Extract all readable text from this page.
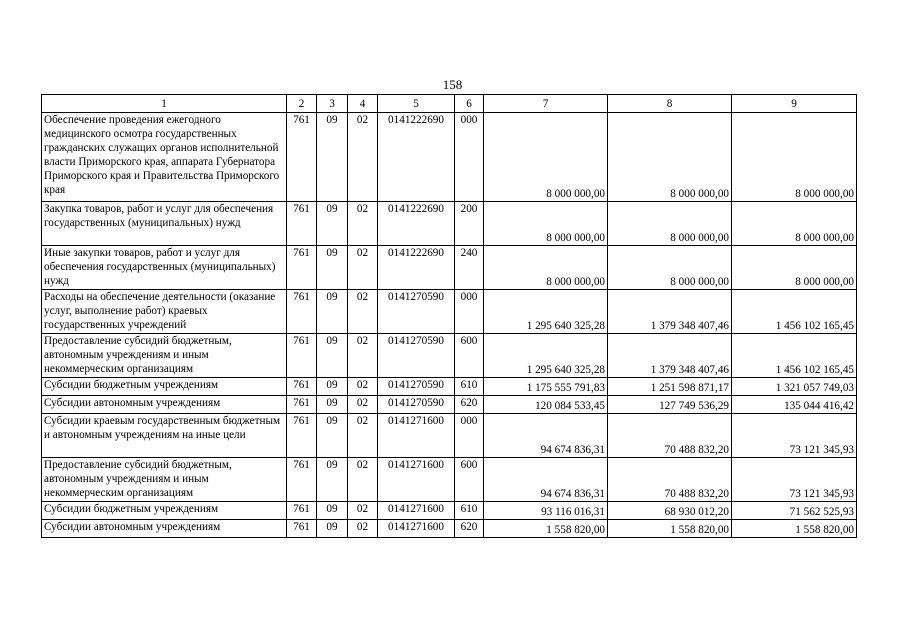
158
1	2	3	4	5	6	7	8	9
Обеспечение проведения ежегодного медицинского осмотра государственных гражданских служащих органов исполнительной власти Приморского края, аппарата Губернатора Приморского края и Правительства Приморского края	761	09	02	0141222690	000	8 000 000,00	8 000 000,00	8 000 000,00
Закупка товаров, работ и услуг для обеспечения государственных (муниципальных) нужд	761	09	02	0141222690	200	8 000 000,00	8 000 000,00	8 000 000,00
Иные закупки товаров, работ и услуг для обеспечения государственных (муниципальных) нужд	761	09	02	0141222690	240	8 000 000,00	8 000 000,00	8 000 000,00
Расходы на обеспечение деятельности (оказание услуг, выполнение работ) краевых государственных учреждений	761	09	02	0141270590	000	1 295 640 325,28	1 379 348 407,46	1 456 102 165,45
Предоставление субсидий бюджетным, автономным учреждениям и иным некоммерческим организациям	761	09	02	0141270590	600	1 295 640 325,28	1 379 348 407,46	1 456 102 165,45
Субсидии бюджетным учреждениям	761	09	02	0141270590	610	1 175 555 791,83	1 251 598 871,17	1 321 057 749,03
Субсидии автономным учреждениям	761	09	02	0141270590	620	120 084 533,45	127 749 536,29	135 044 416,42
Субсидии краевым государственным бюджетным и автономным учреждениям на иные цели	761	09	02	0141271600	000	94 674 836,31	70 488 832,20	73 121 345,93
Предоставление субсидий бюджетным, автономным учреждениям и иным некоммерческим организациям	761	09	02	0141271600	600	94 674 836,31	70 488 832,20	73 121 345,93
Субсидии бюджетным учреждениям	761	09	02	0141271600	610	93 116 016,31	68 930 012,20	71 562 525,93
Субсидии автономным учреждениям	761	09	02	0141271600	620	1 558 820,00	1 558 820,00	1 558 820,00
